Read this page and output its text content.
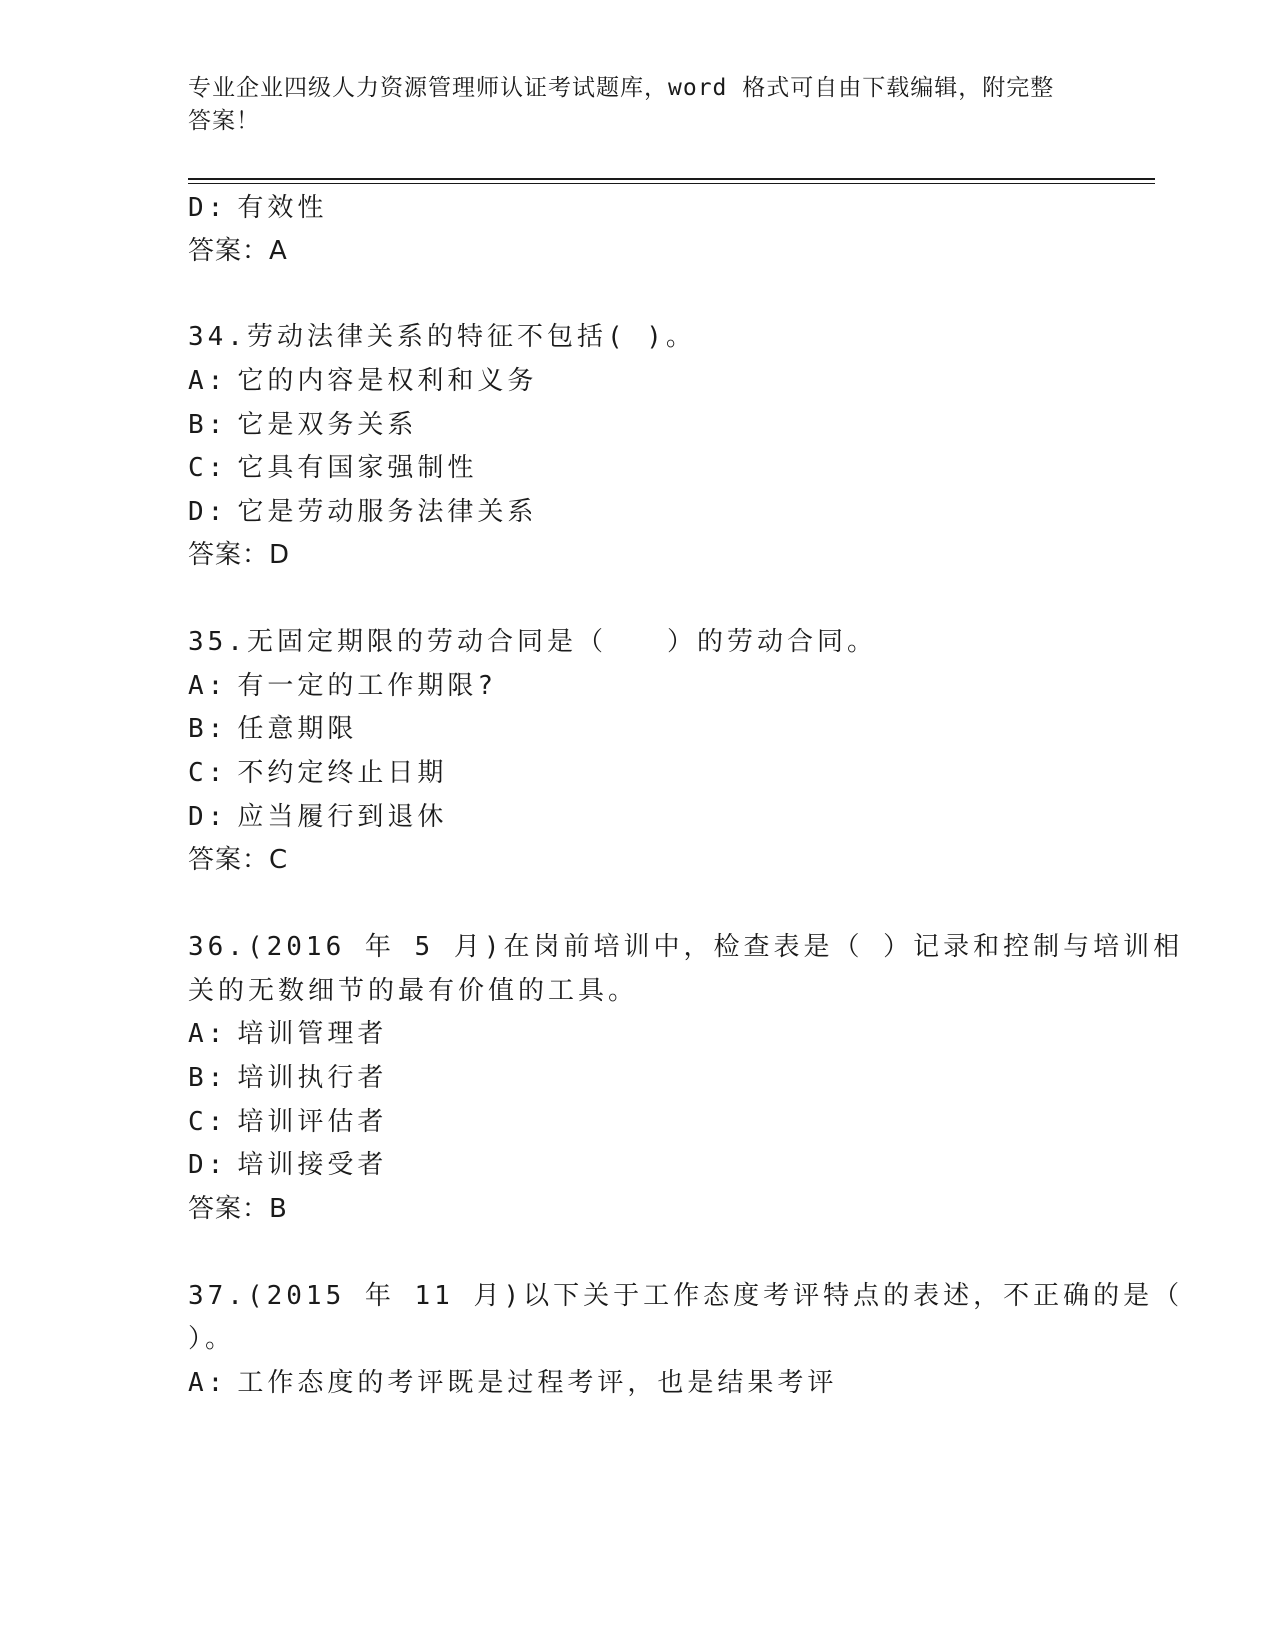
专业企业四级人力资源管理师认证考试题库，word 格式可自由下载编辑，附完整
答案！
D: 有效性
答案：A
34.劳动法律关系的特征不包括( )。
A: 它的内容是权利和义务
B: 它是双务关系
C: 它具有国家强制性
D: 它是劳动服务法律关系
答案：D
35.无固定期限的劳动合同是（　　）的劳动合同。
A: 有一定的工作期限?
B: 任意期限
C: 不约定终止日期
D: 应当履行到退休
答案：C
36.(2016 年 5 月)在岗前培训中，检查表是（ ）记录和控制与培训相
关的无数细节的最有价值的工具。
A: 培训管理者
B: 培训执行者
C: 培训评估者
D: 培训接受者
答案：B
37.(2015 年 11 月)以下关于工作态度考评特点的表述，不正确的是（
）。
A: 工作态度的考评既是过程考评，也是结果考评
